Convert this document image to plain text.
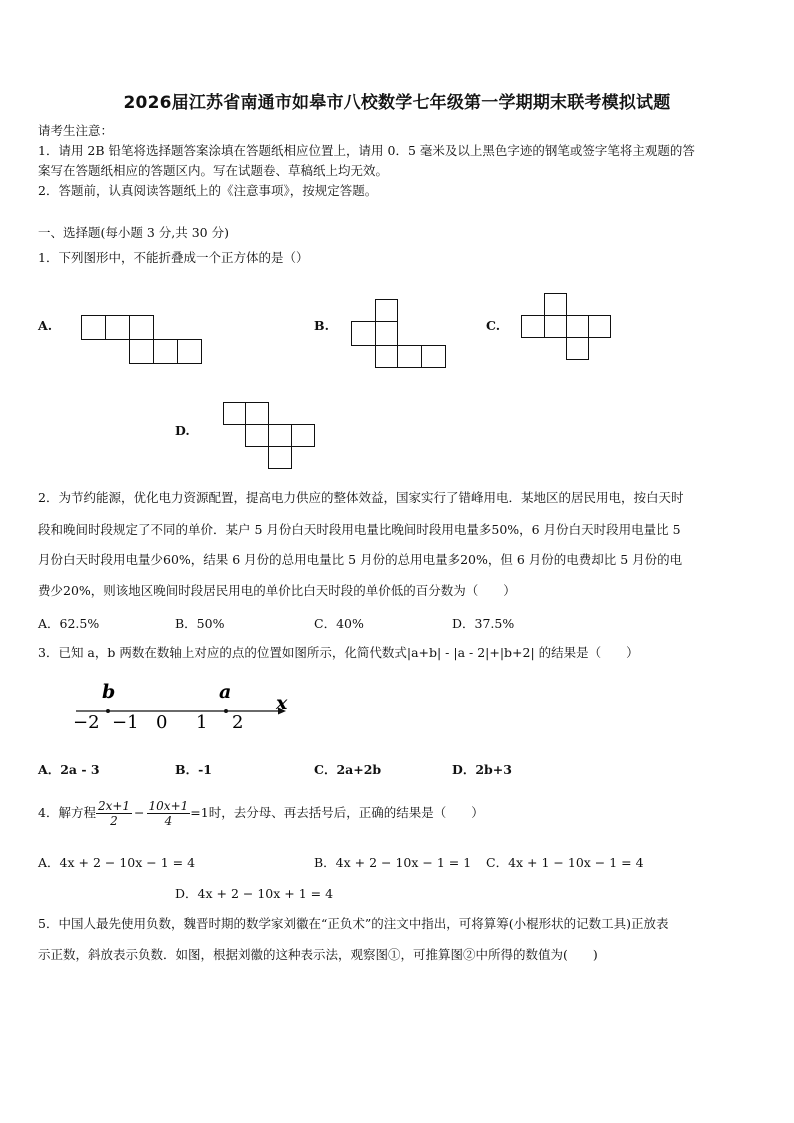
2026届江苏省南通市如皋市八校数学七年级第一学期期末联考模拟试题
请考生注意：
1．请用 2B 铅笔将选择题答案涂填在答题纸相应位置上，请用 0．5 毫米及以上黑色字迹的钢笔或签字笔将主观题的答
案写在答题纸相应的答题区内。写在试题卷、草稿纸上均无效。
2．答题前，认真阅读答题纸上的《注意事项》，按规定答题。
一、选择题(每小题 3 分,共 30 分)
1．下列图形中，不能折叠成一个正方体的是（）
A.	B.	C.
D.
2．为节约能源，优化电力资源配置，提高电力供应的整体效益，国家实行了错峰用电．某地区的居民用电，按白天时
段和晚间时段规定了不同的单价．某户 5 月份白天时段用电量比晚间时段用电量多50%，6 月份白天时段用电量比 5
月份白天时段用电量少60%，结果 6 月份的总用电量比 5 月份的总用电量多20%，但 6 月份的电费却比 5 月份的电
费少20%，则该地区晚间时段居民用电的单价比白天时段的单价低的百分数为（　　）
A．62.5%	B．50%	C．40%	D．37.5%
3．已知 a，b 两数在数轴上对应的点的位置如图所示，化简代数式|a+b| - |a - 2|+|b+2| 的结果是（　　）
b	a x
−2 −1 0 1 2
A．2a - 3	B．-1	C．2a+2b	D．2b+3
4．解方程 $\frac{2x+1}{2} - \frac{10x+1}{4} =1$时，去分母、再去括号后，正确的结果是（　　）
A．4x + 2 − 10x − 1 = 4	B．4x + 2 − 10x − 1 = 1 C．4x + 1 − 10x − 1 = 4
D．4x + 2 − 10x + 1 = 4
5．中国人最先使用负数，魏晋时期的数学家刘徽在“正负术”的注文中指出，可将算筹(小棍形状的记数工具)正放表
示正数，斜放表示负数．如图，根据刘徽的这种表示法，观察图①，可推算图②中所得的数值为(　　)
